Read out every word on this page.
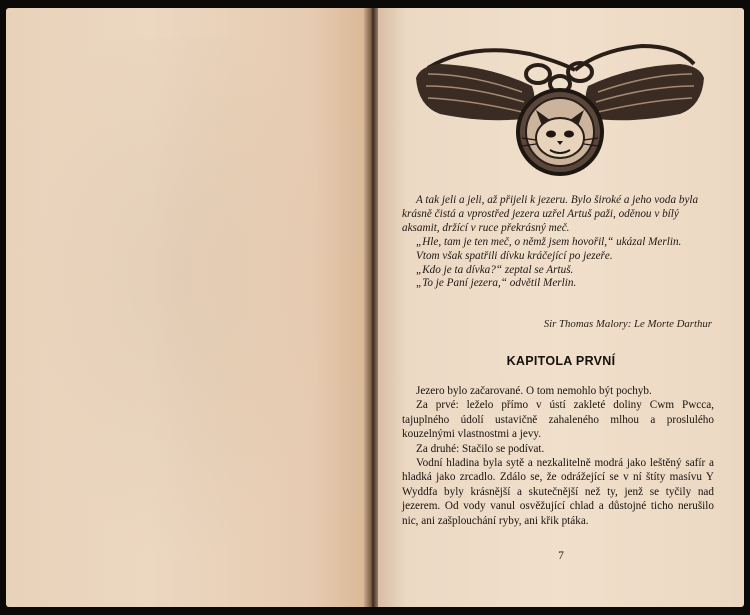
A tak jeli a jeli, až přijeli k jezeru. Bylo široké a jeho voda byla krásně čistá a vprostřed jezera uzřel Artuš paži, oděnou v bílý aksamit, držící v ruce překrásný meč.

„Hle, tam je ten meč, o němž jsem hovořil,“ ukázal Merlin.

Vtom však spatřili dívku kráčející po jezeře.

„Kdo je ta dívka?“ zeptal se Artuš.

„To je Paní jezera,“ odvětil Merlin.

Sir Thomas Malory: Le Morte Darthur
KAPITOLA PRVNÍ

Jezero bylo začarované. O tom nemohlo být pochyb.

Za prvé: leželo přímo v ústí zakleté doliny Cwm Pwcca, tajuplného údolí ustavičně zahaleného mlhou a proslulého kouzelnými vlastnostmi a jevy.

Za druhé: Stačilo se podívat.

Vodní hladina byla sytě a nezkalitelně modrá jako leštěný safír a hladká jako zrcadlo. Zdálo se, že odrážející se v ní štíty masívu Y Wyddfa byly krásnější a skutečnější než ty, jenž se tyčily nad jezerem. Od vody vanul osvěžující chlad a důstojné ticho nerušilo nic, ani zašplouchání ryby, ani křik ptáka.

7
